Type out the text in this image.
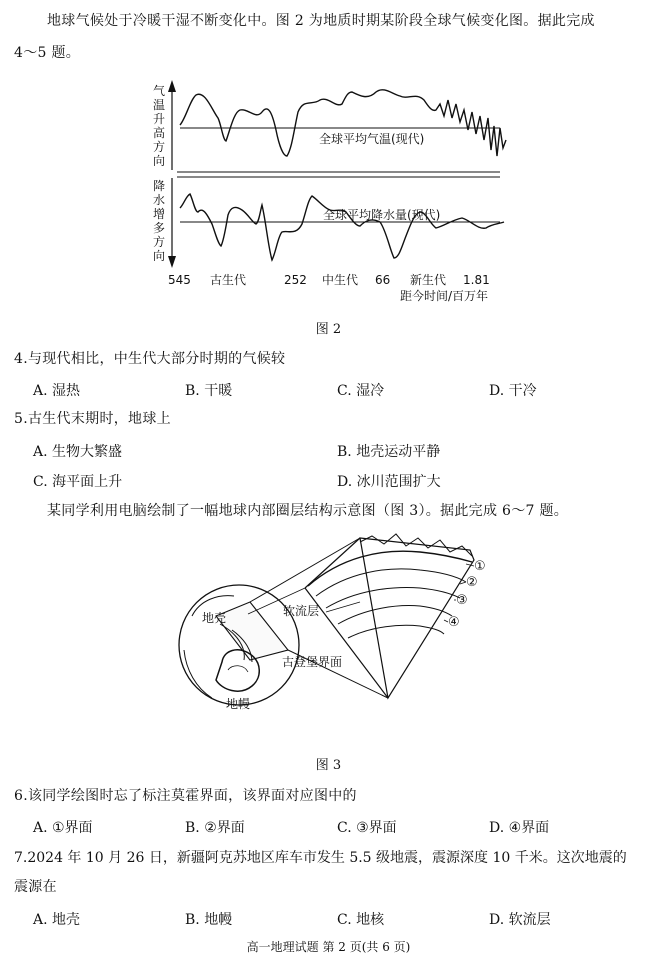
地球气候处于冷暖干湿不断变化中。图 2 为地质时期某阶段全球气候变化图。据此完成
4～5 题。
气
温
升
高
方
向
降
水
增
多
方
向
全球平均气温(现代)
全球平均降水量(现代)
545 古生代	252 中生代 66 新生代 1.81
距今时间/百万年
图 2
4.与现代相比，中生代大部分时期的气候较
A. 湿热	B. 干暖	C. 湿冷	D. 干冷
5.古生代末期时，地球上
A. 生物大繁盛	B. 地壳运动平静
C. 海平面上升	D. 冰川范围扩大
某同学利用电脑绘制了一幅地球内部圈层结构示意图（图 3）。据此完成 6～7 题。
地壳	软流层
古登堡界面
地幔
①
②
③
④
图 3
6.该同学绘图时忘了标注莫霍界面，该界面对应图中的
A. ①界面	B. ②界面	C. ③界面	D. ④界面
7.2024 年 10 月 26 日，新疆阿克苏地区库车市发生 5.5 级地震，震源深度 10 千米。这次地震的
震源在
A. 地壳	B. 地幔	C. 地核	D. 软流层
高一地理试题 第 2 页(共 6 页)
